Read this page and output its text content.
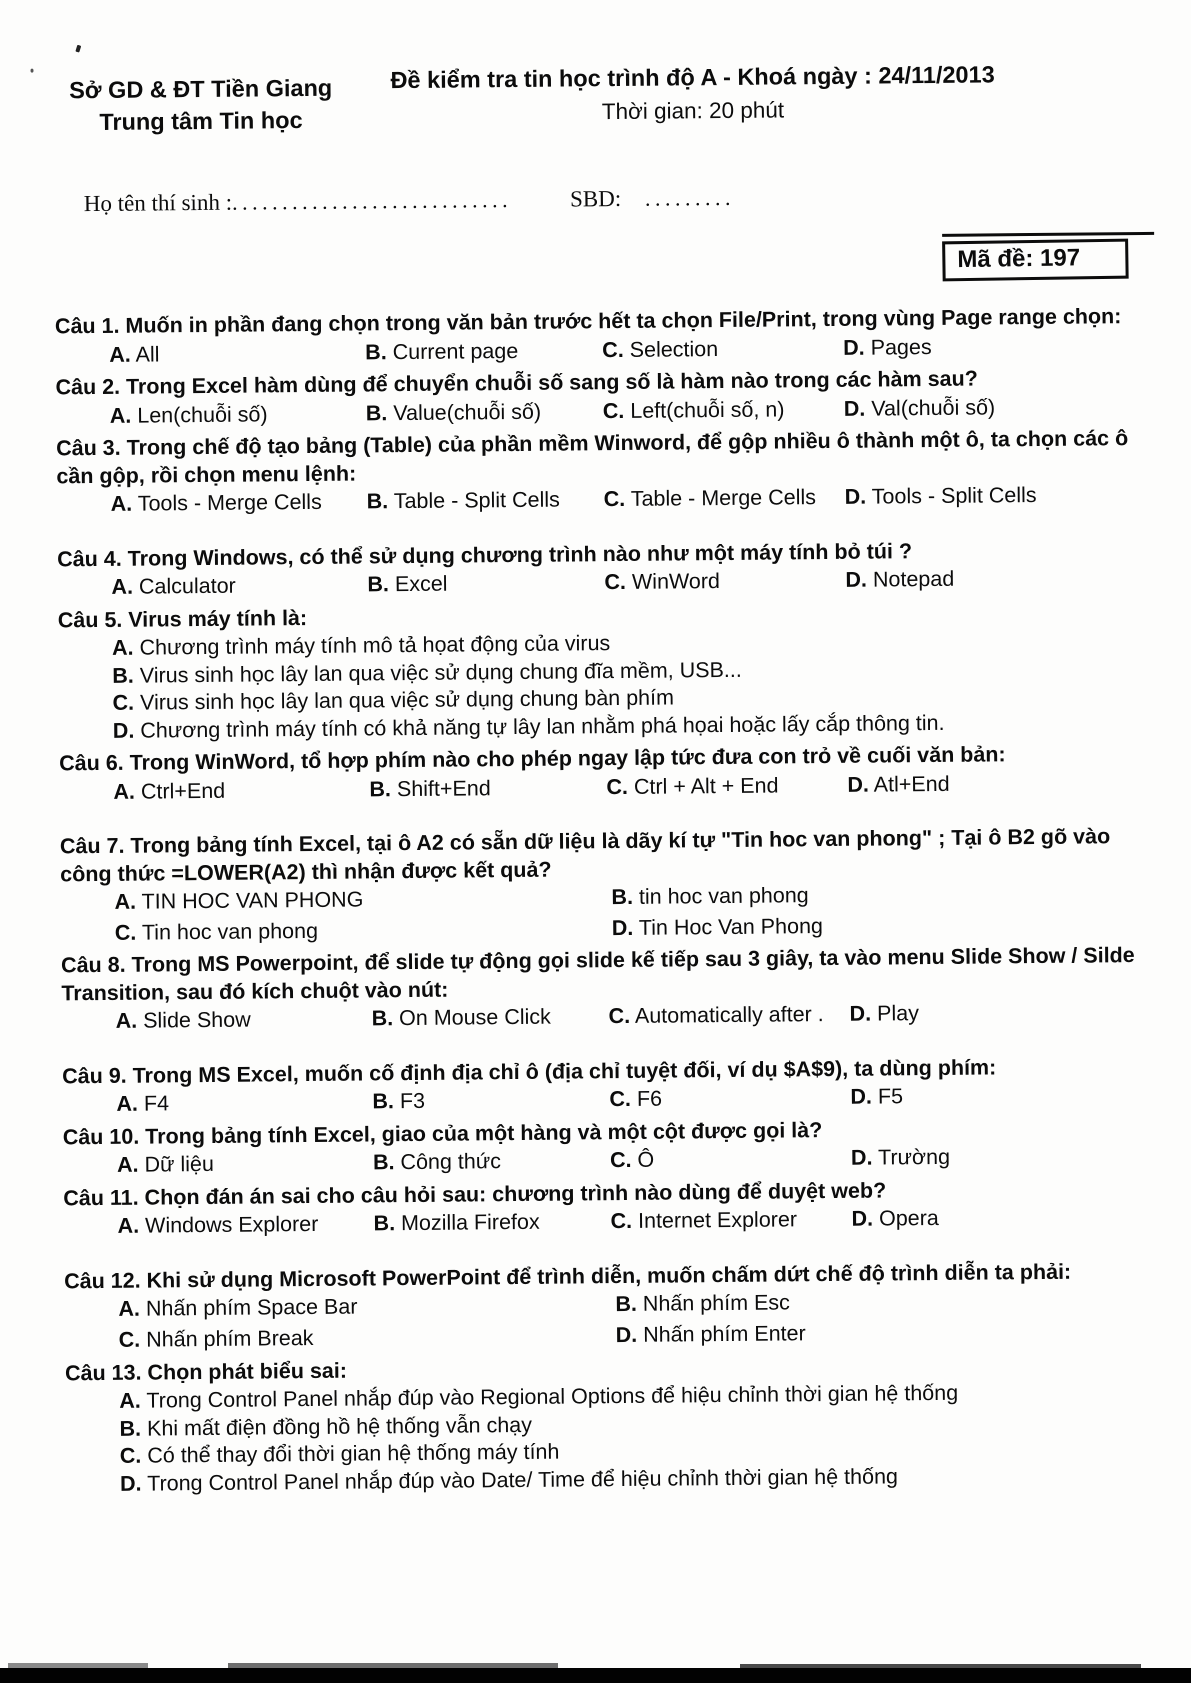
Sở GD & ĐT Tiền Giang
Trung tâm Tin học
Đề kiểm tra tin học trình độ A - Khoá ngày : 24/11/2013
Thời gian: 20 phút
Họ tên thí sinh : ............................	SBD: .........
Mã đề: 197
Câu 1. Muốn in phần đang chọn trong văn bản trước hết ta chọn File/Print, trong vùng Page range chọn:
A. All	B. Current page	C. Selection	D. Pages
Câu 2. Trong Excel hàm dùng để chuyển chuỗi số sang số là hàm nào trong các hàm sau?
A. Len(chuỗi số)	B. Value(chuỗi số)	C. Left(chuỗi số, n)	D. Val(chuỗi số)
Câu 3. Trong chế độ tạo bảng (Table) của phần mềm Winword, để gộp nhiều ô thành một ô, ta chọn các ô cần gộp, rồi chọn menu lệnh:
A. Tools - Merge Cells	B. Table - Split Cells	C. Table - Merge Cells	D. Tools - Split Cells
Câu 4. Trong Windows, có thể sử dụng chương trình nào như một máy tính bỏ túi ?
A. Calculator	B. Excel	C. WinWord	D. Notepad
Câu 5. Virus máy tính là:
A. Chương trình máy tính mô tả họat động của virus
B. Virus sinh học lây lan qua việc sử dụng chung đĩa mềm, USB...
C. Virus sinh học lây lan qua việc sử dụng chung bàn phím
D. Chương trình máy tính có khả năng tự lây lan nhằm phá họai hoặc lấy cắp thông tin.
Câu 6. Trong WinWord, tổ hợp phím nào cho phép ngay lập tức đưa con trỏ về cuối văn bản:
A. Ctrl+End	B. Shift+End	C. Ctrl + Alt + End	D. Atl+End
Câu 7. Trong bảng tính Excel, tại ô A2 có sẵn dữ liệu là dãy kí tự "Tin hoc van phong" ; Tại ô B2 gõ vào công thức =LOWER(A2) thì nhận được kết quả?
A. TIN HOC VAN PHONG	B. tin hoc van phong
C. Tin hoc van phong	D. Tin Hoc Van Phong
Câu 8. Trong MS Powerpoint, để slide tự động gọi slide kế tiếp sau 3 giây, ta vào menu Slide Show / Silde Transition, sau đó kích chuột vào nút:
A. Slide Show	B. On Mouse Click	C. Automatically after .	D. Play
Câu 9. Trong MS Excel, muốn cố định địa chỉ ô (địa chỉ tuyệt đối, ví dụ $A$9), ta dùng phím:
A. F4	B. F3	C. F6	D. F5
Câu 10. Trong bảng tính Excel, giao của một hàng và một cột được gọi là?
A. Dữ liệu	B. Công thức	C. Ô	D. Trường
Câu 11. Chọn đán án sai cho câu hỏi sau: chương trình nào dùng để duyệt web?
A. Windows Explorer	B. Mozilla Firefox	C. Internet Explorer	D. Opera
Câu 12. Khi sử dụng Microsoft PowerPoint để trình diễn, muốn chấm dứt chế độ trình diễn ta phải:
A. Nhấn phím Space Bar	B. Nhấn phím Esc
C. Nhấn phím Break	D. Nhấn phím Enter
Câu 13. Chọn phát biểu sai:
A. Trong Control Panel nhắp đúp vào Regional Options để hiệu chỉnh thời gian hệ thống
B. Khi mất điện đồng hồ hệ thống vẫn chạy
C. Có thể thay đổi thời gian hệ thống máy tính
D. Trong Control Panel nhắp đúp vào Date/ Time để hiệu chỉnh thời gian hệ thống
